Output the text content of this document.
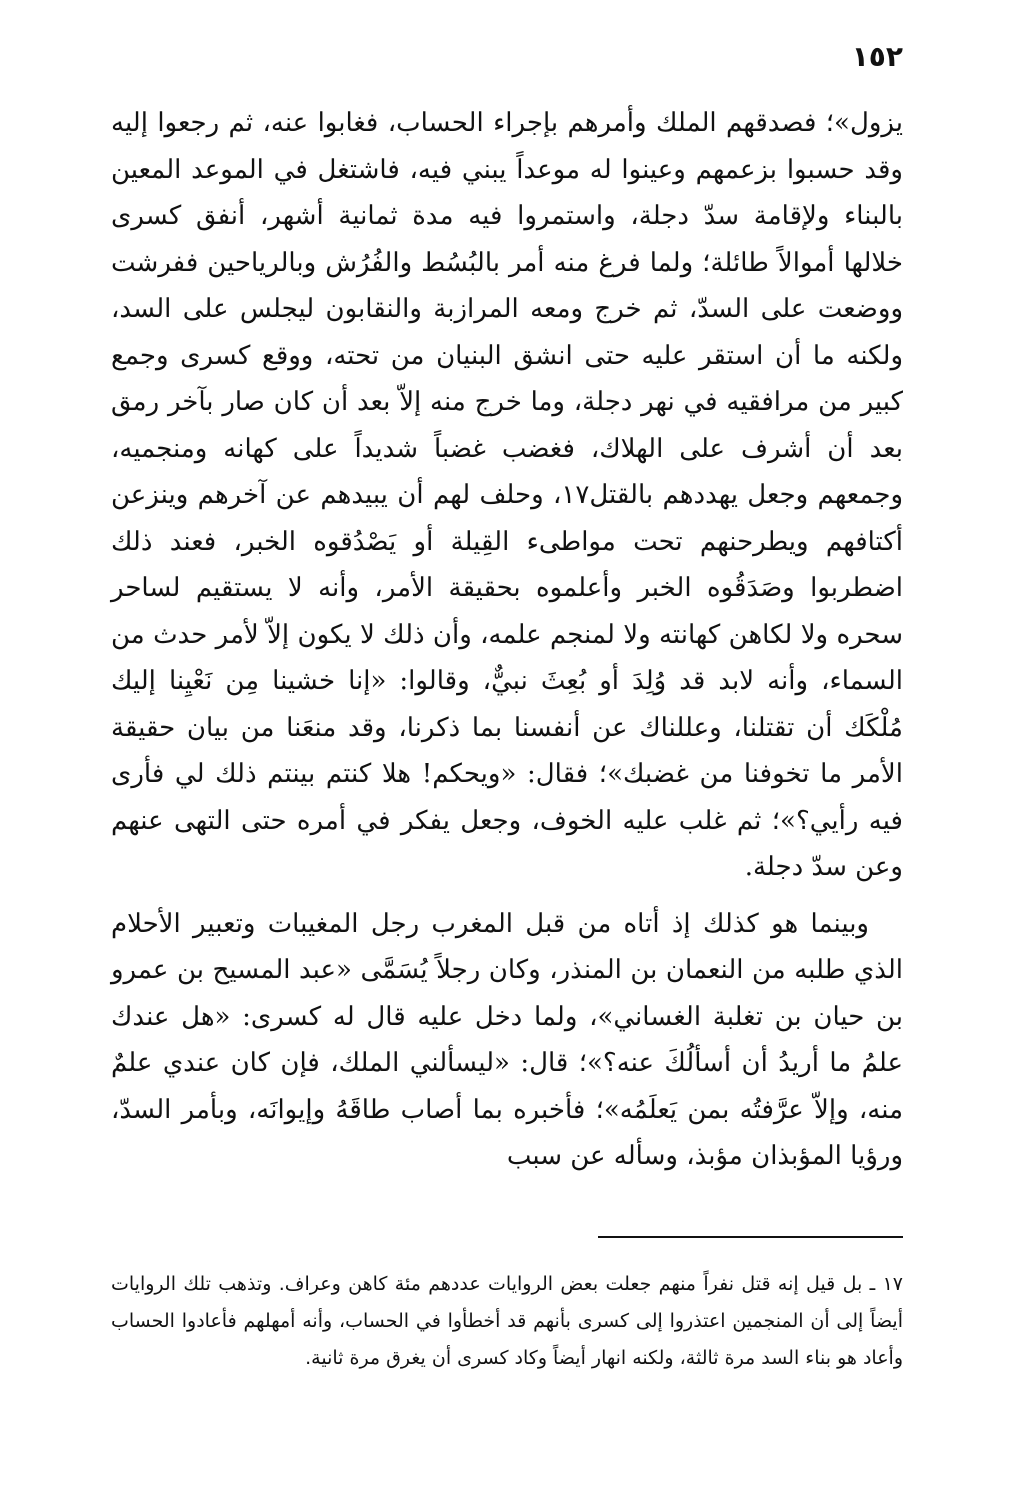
١٥٢

يزول»؛ فصدقهم الملك وأمرهم بإجراء الحساب، فغابوا عنه، ثم رجعوا إليه وقد حسبوا بزعمهم وعينوا له موعداً يبني فيه، فاشتغل في الموعد المعين بالبناء ولإقامة سدّ دجلة، واستمروا فيه مدة ثمانية أشهر، أنفق كسرى خلالها أموالاً طائلة؛ ولما فرغ منه أمر بالبُسُط والفُرُش وبالرياحين ففرشت ووضعت على السدّ، ثم خرج ومعه المرازبة والنقابون ليجلس على السد، ولكنه ما أن استقر عليه حتى انشق البنيان من تحته، ووقع كسرى وجمع كبير من مرافقيه في نهر دجلة، وما خرج منه إلاّ بعد أن كان صار بآخر رمق بعد أن أشرف على الهلاك، فغضب غضباً شديداً على كهانه ومنجميه، وجمعهم وجعل يهددهم بالقتل١٧، وحلف لهم أن يبيدهم عن آخرهم وينزعن أكتافهم ويطرحنهم تحت مواطىء القِيلة أو يَصْدُقوه الخبر، فعند ذلك اضطربوا وصَدَقُوه الخبر وأعلموه بحقيقة الأمر، وأنه لا يستقيم لساحر سحره ولا لكاهن كهانته ولا لمنجم علمه، وأن ذلك لا يكون إلاّ لأمر حدث من السماء، وأنه لابد قد وُلِدَ أو بُعِثَ نبيٌّ، وقالوا: «إنا خشينا مِن نَعْيِنا إليك مُلْكَك أن تقتلنا، وعللناك عن أنفسنا بما ذكرنا، وقد منعَنا من بيان حقيقة الأمر ما تخوفنا من غضبك»؛ فقال: «ويحكم! هلا كنتم بينتم ذلك لي فأرى فيه رأيي؟»؛ ثم غلب عليه الخوف، وجعل يفكر في أمره حتى التهى عنهم وعن سدّ دجلة.

وبينما هو كذلك إذ أتاه من قبل المغرب رجل المغيبات وتعبير الأحلام الذي طلبه من النعمان بن المنذر، وكان رجلاً يُسَمَّى «عبد المسيح بن عمرو بن حيان بن تغلبة الغساني»، ولما دخل عليه قال له كسرى: «هل عندك علمُ ما أريدُ أن أسألُكَ عنه؟»؛ قال: «ليسألني الملك، فإن كان عندي علمٌ منه، وإلاّ عرَّفتُه بمن يَعلَمُه»؛ فأخبره بما أصاب طاقَهُ وإيوانَه، وبأمر السدّ، ورؤيا المؤبذان مؤبذ، وسأله عن سبب

١٧ ـ بل قيل إنه قتل نفراً منهم جعلت بعض الروايات عددهم مئة كاهن وعراف. وتذهب تلك الروايات أيضاً إلى أن المنجمين اعتذروا إلى كسرى بأنهم قد أخطأوا في الحساب، وأنه أمهلهم فأعادوا الحساب وأعاد هو بناء السد مرة ثالثة، ولكنه انهار أيضاً وكاد كسرى أن يغرق مرة ثانية.
